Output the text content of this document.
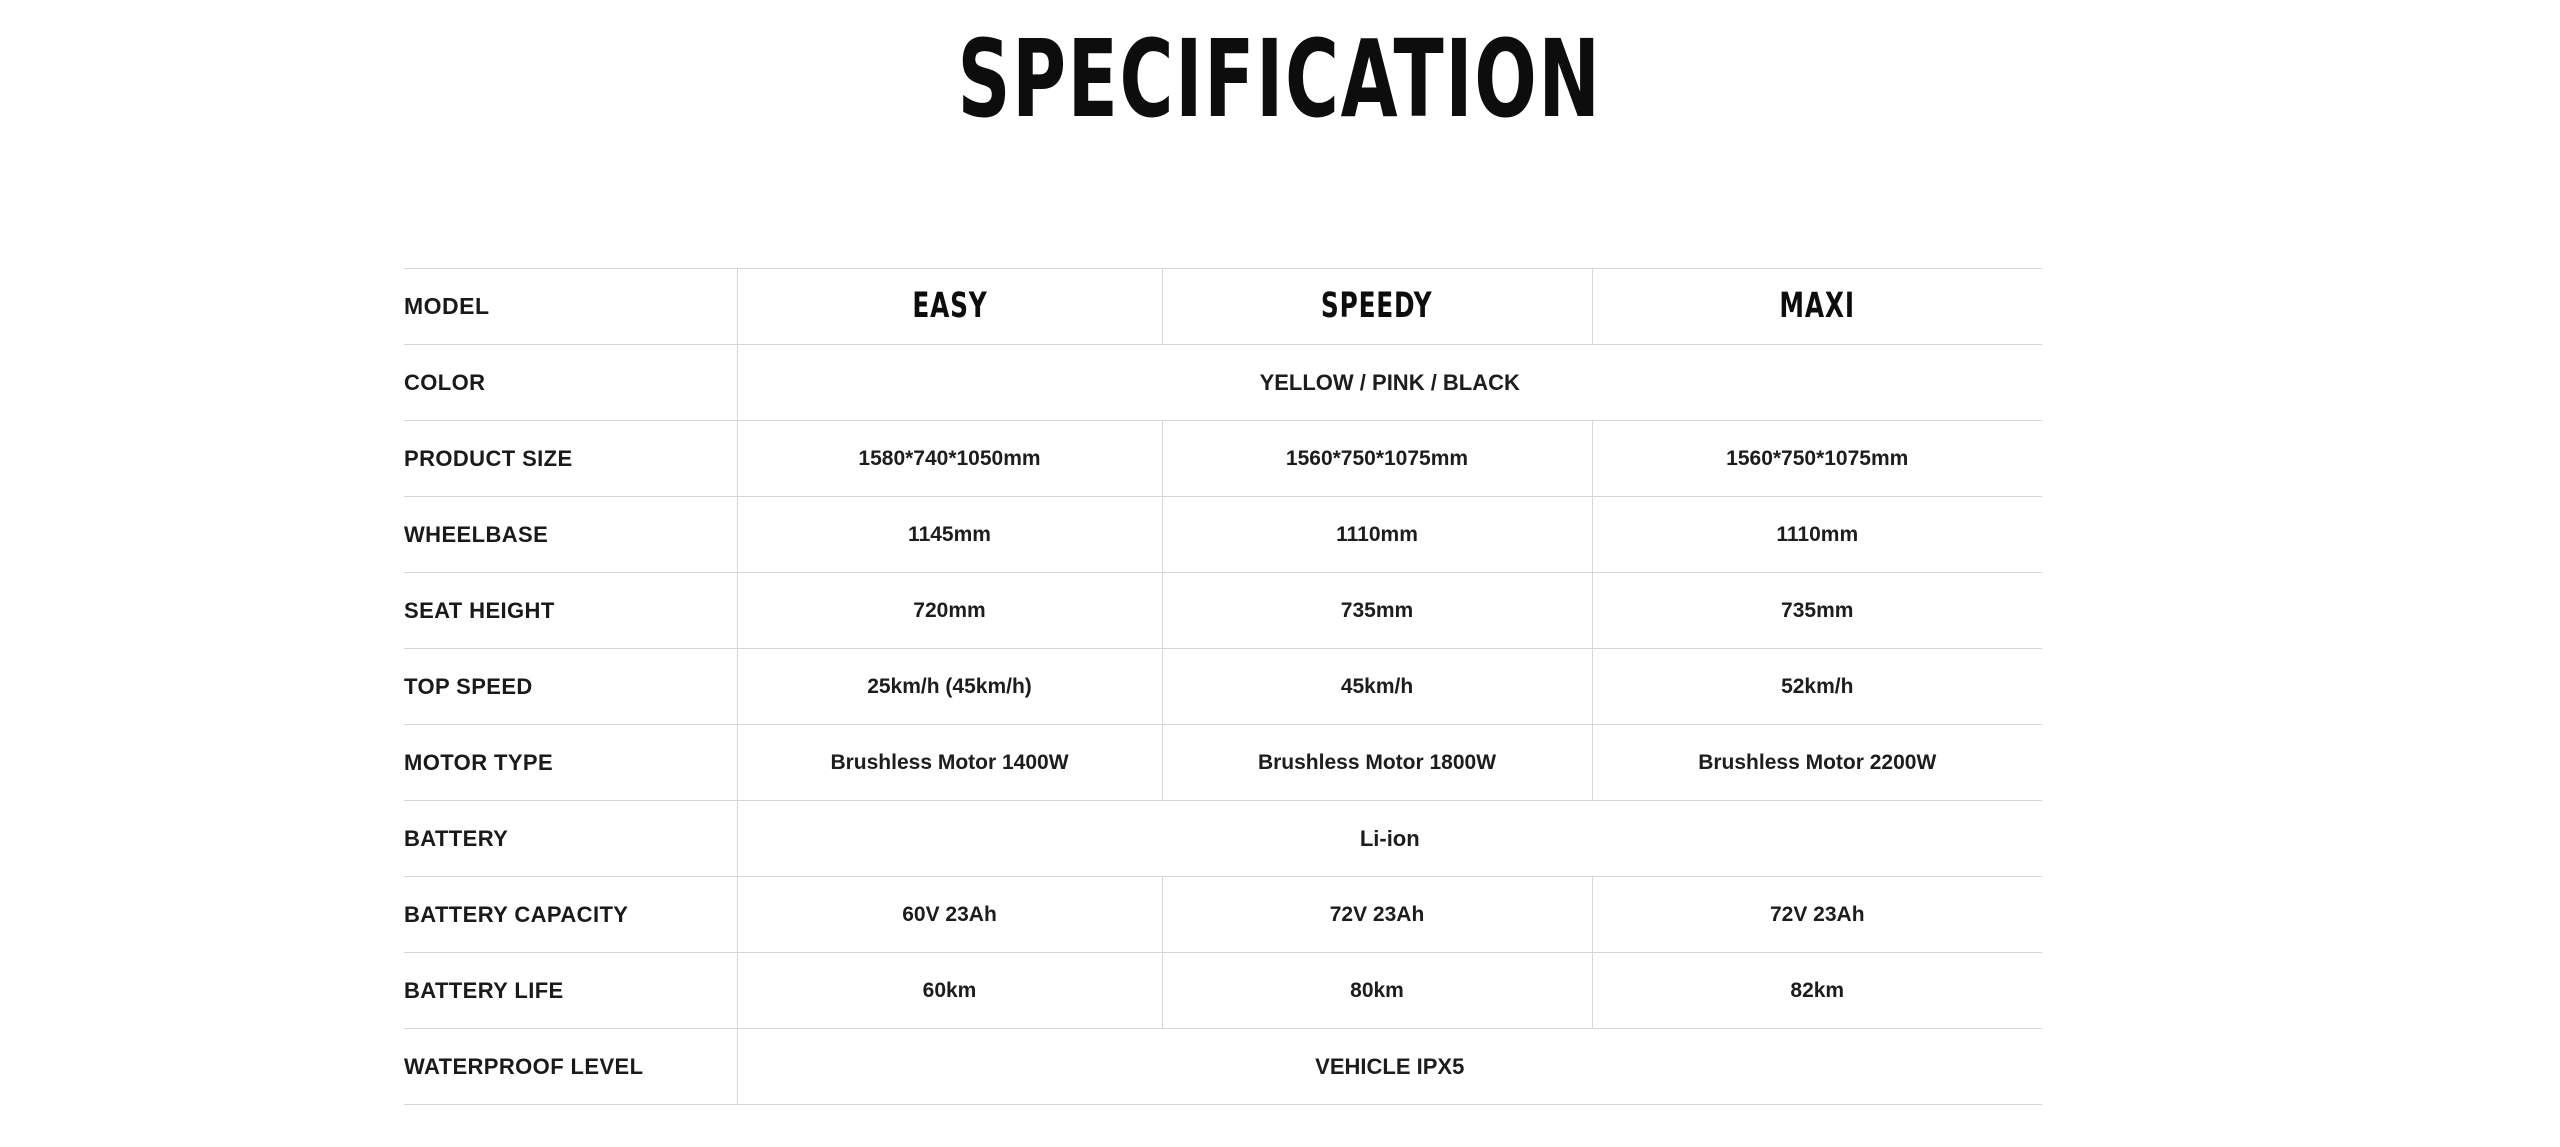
SPECIFICATION
MODEL	EASY	SPEEDY	MAXI
COLOR	YELLOW / PINK / BLACK		
PRODUCT SIZE	1580*740*1050mm	1560*750*1075mm	1560*750*1075mm
WHEELBASE	1145mm	1110mm	1110mm
SEAT HEIGHT	720mm	735mm	735mm
TOP SPEED	25km/h (45km/h)	45km/h	52km/h
MOTOR TYPE	Brushless Motor 1400W	Brushless Motor 1800W	Brushless Motor 2200W
BATTERY	Li-ion		
BATTERY CAPACITY	60V 23Ah	72V 23Ah	72V 23Ah
BATTERY LIFE	60km	80km	82km
WATERPROOF LEVEL	VEHICLE IPX5		
